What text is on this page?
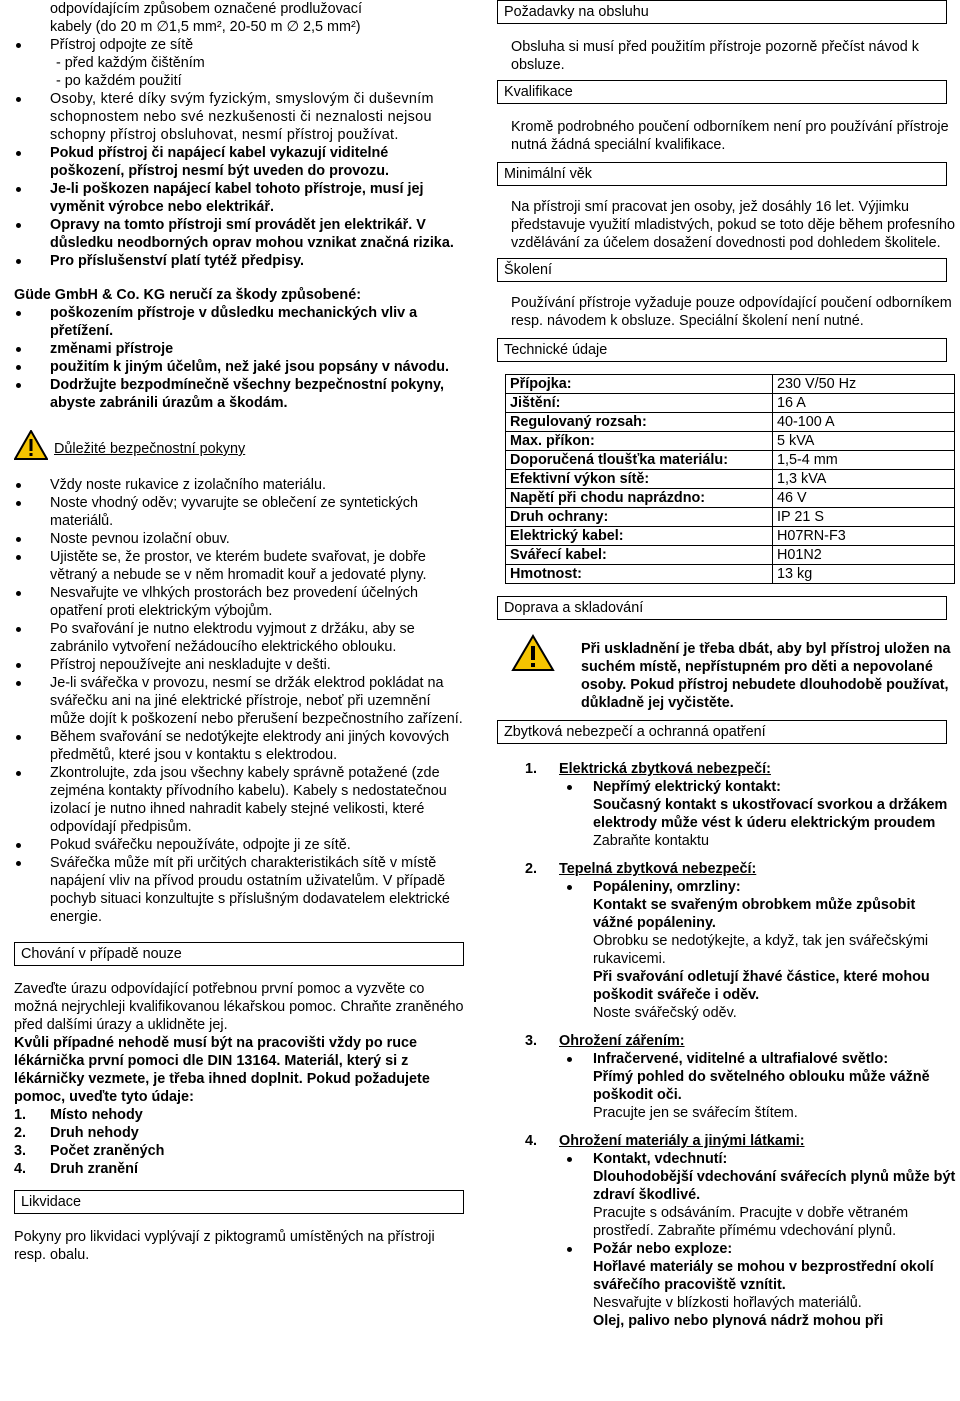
odpovídajícím způsobem označené prodlužovací
kabely (do 20 m ∅1,5 mm², 20-50 m ∅ 2,5 mm²)
Přístroj odpojte ze sítě
- před každým čištěním
- po každém použití
Osoby, které díky svým fyzickým, smyslovým či duševním schopnostem nebo své nezkušenosti či neznalosti nejsou schopny přístroj obsluhovat, nesmí přístroj používat.
Pokud přístroj či napájecí kabel vykazují viditelné poškození, přístroj nesmí být uveden do provozu.
Je-li poškozen napájecí kabel tohoto přístroje, musí jej vyměnit výrobce nebo elektrikář.
Opravy na tomto přístroji smí provádět jen elektrikář. V důsledku neodborných oprav mohou vznikat značná rizika.
Pro příslušenství platí tytéž předpisy.
Güde GmbH & Co. KG neručí za škody způsobené:
poškozením přístroje v důsledku mechanických vliv a přetížení.
změnami přístroje
použitím k jiným účelům, než jaké jsou popsány v návodu.
Dodržujte bezpodmínečně všechny bezpečnostní pokyny, abyste zabránili úrazům a škodám.
Důležité bezpečnostní pokyny
Vždy noste rukavice z izolačního materiálu.
Noste vhodný oděv; vyvarujte se oblečení ze syntetických materiálů.
Noste pevnou izolační obuv.
Ujistěte se, že prostor, ve kterém budete svařovat, je dobře větraný a nebude se v něm hromadit kouř a jedovaté plyny.
Nesvařujte ve vlhkých prostorách bez provedení účelných opatření proti elektrickým výbojům.
Po svařování je nutno elektrodu vyjmout z držáku, aby se zabránilo vytvoření nežádoucího elektrického oblouku.
Přístroj nepoužívejte ani neskladujte v dešti.
Je-li svářečka v provozu, nesmí se držák elektrod pokládat na svářečku ani na jiné elektrické přístroje, neboť při uzemnění může dojít k poškození nebo přerušení bezpečnostního zařízení.
Během svařování se nedotýkejte elektrody ani jiných kovových předmětů, které jsou v kontaktu s elektrodou.
Zkontrolujte, zda jsou všechny kabely správně potažené (zde zejména kontakty přívodního kabelu). Kabely s nedostatečnou izolací je nutno ihned nahradit kabely stejné velikosti, které odpovídají předpisům.
Pokud svářečku nepoužíváte, odpojte ji ze sítě.
Svářečka může mít při určitých charakteristikách sítě v místě napájení vliv na přívod proudu ostatním uživatelům. V případě pochyb situaci konzultujte s příslušným dodavatelem elektrické energie.
Chování v případě nouze
Zaveďte úrazu odpovídající potřebnou první pomoc a vyzvěte co možná nejrychleji kvalifikovanou lékařskou pomoc. Chraňte zraněného před dalšími úrazy a uklidněte jej.
Kvůli případné nehodě musí být na pracovišti vždy po ruce lékárnička první pomoci dle DIN 13164. Materiál, který si z lékárničky vezmete, je třeba ihned doplnit. Pokud požadujete pomoc, uveďte tyto údaje:
1. Místo nehody
2. Druh nehody
3. Počet zraněných
4. Druh zranění
Likvidace
Pokyny pro likvidaci vyplývají z piktogramů umístěných na přístroji resp. obalu.
Požadavky na obsluhu
Obsluha si musí před použitím přístroje pozorně přečíst návod k obsluze.
Kvalifikace
Kromě podrobného poučení odborníkem není pro používání přístroje nutná žádná speciální kvalifikace.
Minimální věk
Na přístroji smí pracovat jen osoby, jež dosáhly 16 let. Výjimku představuje využití mladistvých, pokud se toto děje během profesního vzdělávání za účelem dosažení dovednosti pod dohledem školitele.
Školení
Používání přístroje vyžaduje pouze odpovídající poučení odborníkem resp. návodem k obsluze. Speciální školení není nutné.
Technické údaje
Přípojka:	230 V/50 Hz
Jištění:	16 A
Regulovaný rozsah:	40-100 A
Max. příkon:	5 kVA
Doporučená tloušťka materiálu:	1,5-4 mm
Efektivní výkon sítě:	1,3 kVA
Napětí při chodu naprázdno:	46 V
Druh ochrany:	IP 21 S
Elektrický kabel:	H07RN-F3
Svářecí kabel:	H01N2
Hmotnost:	13 kg
Doprava a skladování
Při uskladnění je třeba dbát, aby byl přístroj uložen na suchém místě, nepřístupném pro děti a nepovolané osoby. Pokud přístroj nebudete dlouhodobě používat, důkladně jej vyčistěte.
Zbytková nebezpečí a ochranná opatření
1.	Elektrická zbytková nebezpečí:
Nepřímý elektrický kontakt:
Současný kontakt s ukostřovací svorkou a držákem elektrody může vést k úderu elektrickým proudem
Zabraňte kontaktu
2.	Tepelná zbytková nebezpečí:
Popáleniny, omrzliny:
Kontakt se svařeným obrobkem může způsobit vážné popáleniny.
Obrobku se nedotýkejte, a když, tak jen svářečskými rukavicemi.
Při svařování odletují žhavé částice, které mohou poškodit svářeče i oděv.
Noste svářečský oděv.
3.	Ohrožení zářením:
Infračervené, viditelné a ultrafialové světlo:
Přímý pohled do světelného oblouku může vážně poškodit oči.
Pracujte jen se svářecím štítem.
4.	Ohrožení materiály a jinými látkami:
Kontakt, vdechnutí:
Dlouhodobější vdechování svářecích plynů může být zdraví škodlivé.
Pracujte s odsáváním. Pracujte v dobře větraném prostředí. Zabraňte přímému vdechování plynů.
Požár nebo exploze:
Hořlavé materiály se mohou v bezprostřední okolí svářečího pracoviště vznítit.
Nesvařujte v blízkosti hořlavých materiálů.
Olej, palivo nebo plynová nádrž mohou při
